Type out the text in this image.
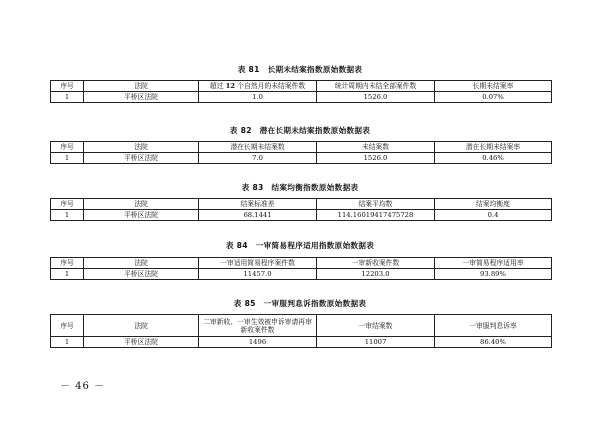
表 81　长期未结案指数原始数据表
序号	法院	超过 12 个自然月的未结案件数	统计周期内未结全部案件数	长期未结案率
1	平桥区法院	1.0	1526.0	0.07%
表 82　潜在长期未结案指数原始数据表
序号	法院	潜在长期未结案数	未结案数	潜在长期未结案率
1	平桥区法院	7.0	1526.0	0.46%
表 83　结案均衡指数原始数据表
序号	法院	结案标准差	结案平均数	结案均衡度
1	平桥区法院	68.1441	114.16019417475728	0.4
表 84　一审简易程序适用指数原始数据表
序号	法院	一审适用简易程序案件数	一审新收案件数	一审简易程序适用率
1	平桥区法院	11457.0	12203.0	93.89%
表 85　一审服判息诉指数原始数据表
序号	法院	二审新收、一审生效被申诉审请再审新收案件数	一审结案数	一审服判息诉率
1	平桥区法院	1496	11007	86.40%
－ 46 －
